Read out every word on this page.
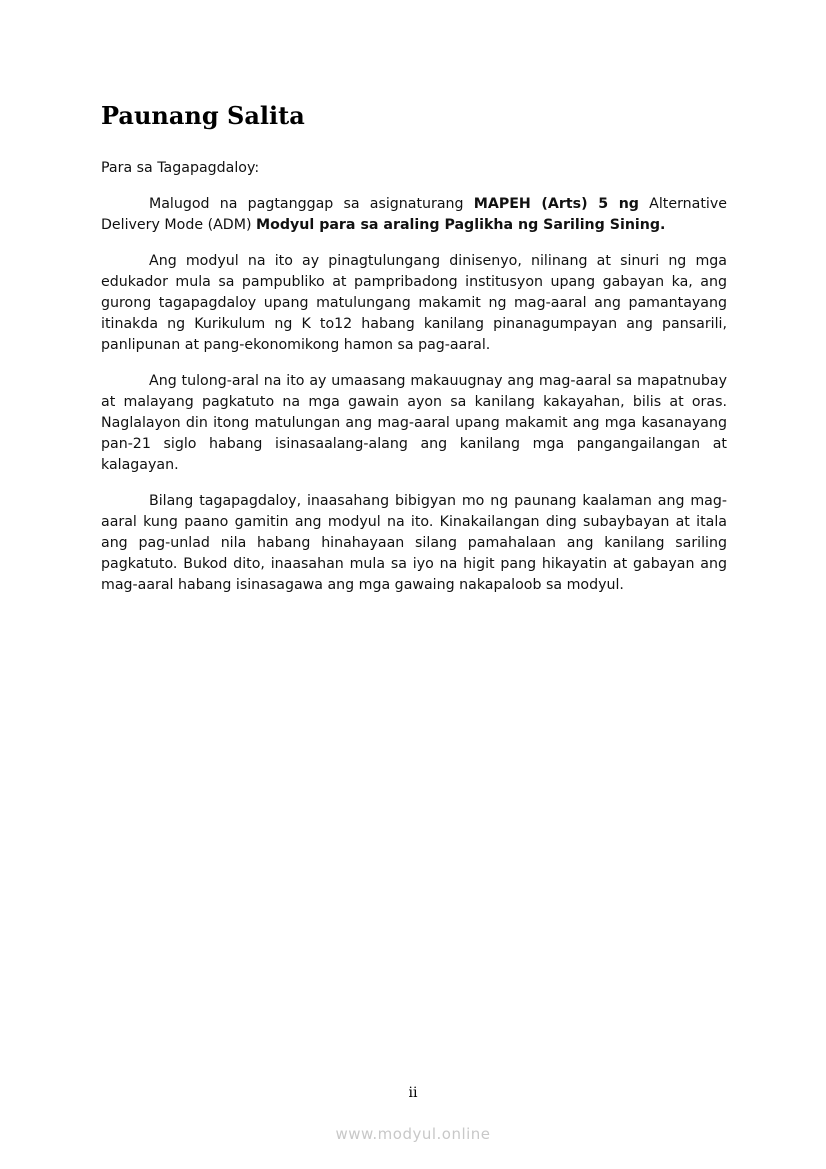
Paunang Salita

Para sa Tagapagdaloy:

Malugod na pagtanggap sa asignaturang MAPEH (Arts) 5 ng Alternative Delivery Mode (ADM) Modyul para sa araling Paglikha ng Sariling Sining.

Ang modyul na ito ay pinagtulungang dinisenyo, nilinang at sinuri ng mga edukador mula sa pampubliko at pampribadong institusyon upang gabayan ka, ang gurong tagapagdaloy upang matulungang makamit ng mag-aaral ang pamantayang itinakda ng Kurikulum ng K to12 habang kanilang pinanagumpayan ang pansarili, panlipunan at pang-ekonomikong hamon sa pag-aaral.

Ang tulong-aral na ito ay umaasang makauugnay ang mag-aaral sa mapatnubay at malayang pagkatuto na mga gawain ayon sa kanilang kakayahan, bilis at oras. Naglalayon din itong matulungan ang mag-aaral upang makamit ang mga kasanayang pan-21 siglo habang isinasaalang-alang ang kanilang mga pangangailangan at kalagayan.

Bilang tagapagdaloy, inaasahang bibigyan mo ng paunang kaalaman ang mag-aaral kung paano gamitin ang modyul na ito. Kinakailangan ding subaybayan at itala ang pag-unlad nila habang hinahayaan silang pamahalaan ang kanilang sariling pagkatuto. Bukod dito, inaasahan mula sa iyo na higit pang hikayatin at gabayan ang mag-aaral habang isinasagawa ang mga gawaing nakapaloob sa modyul.

ii
www.modyul.online
